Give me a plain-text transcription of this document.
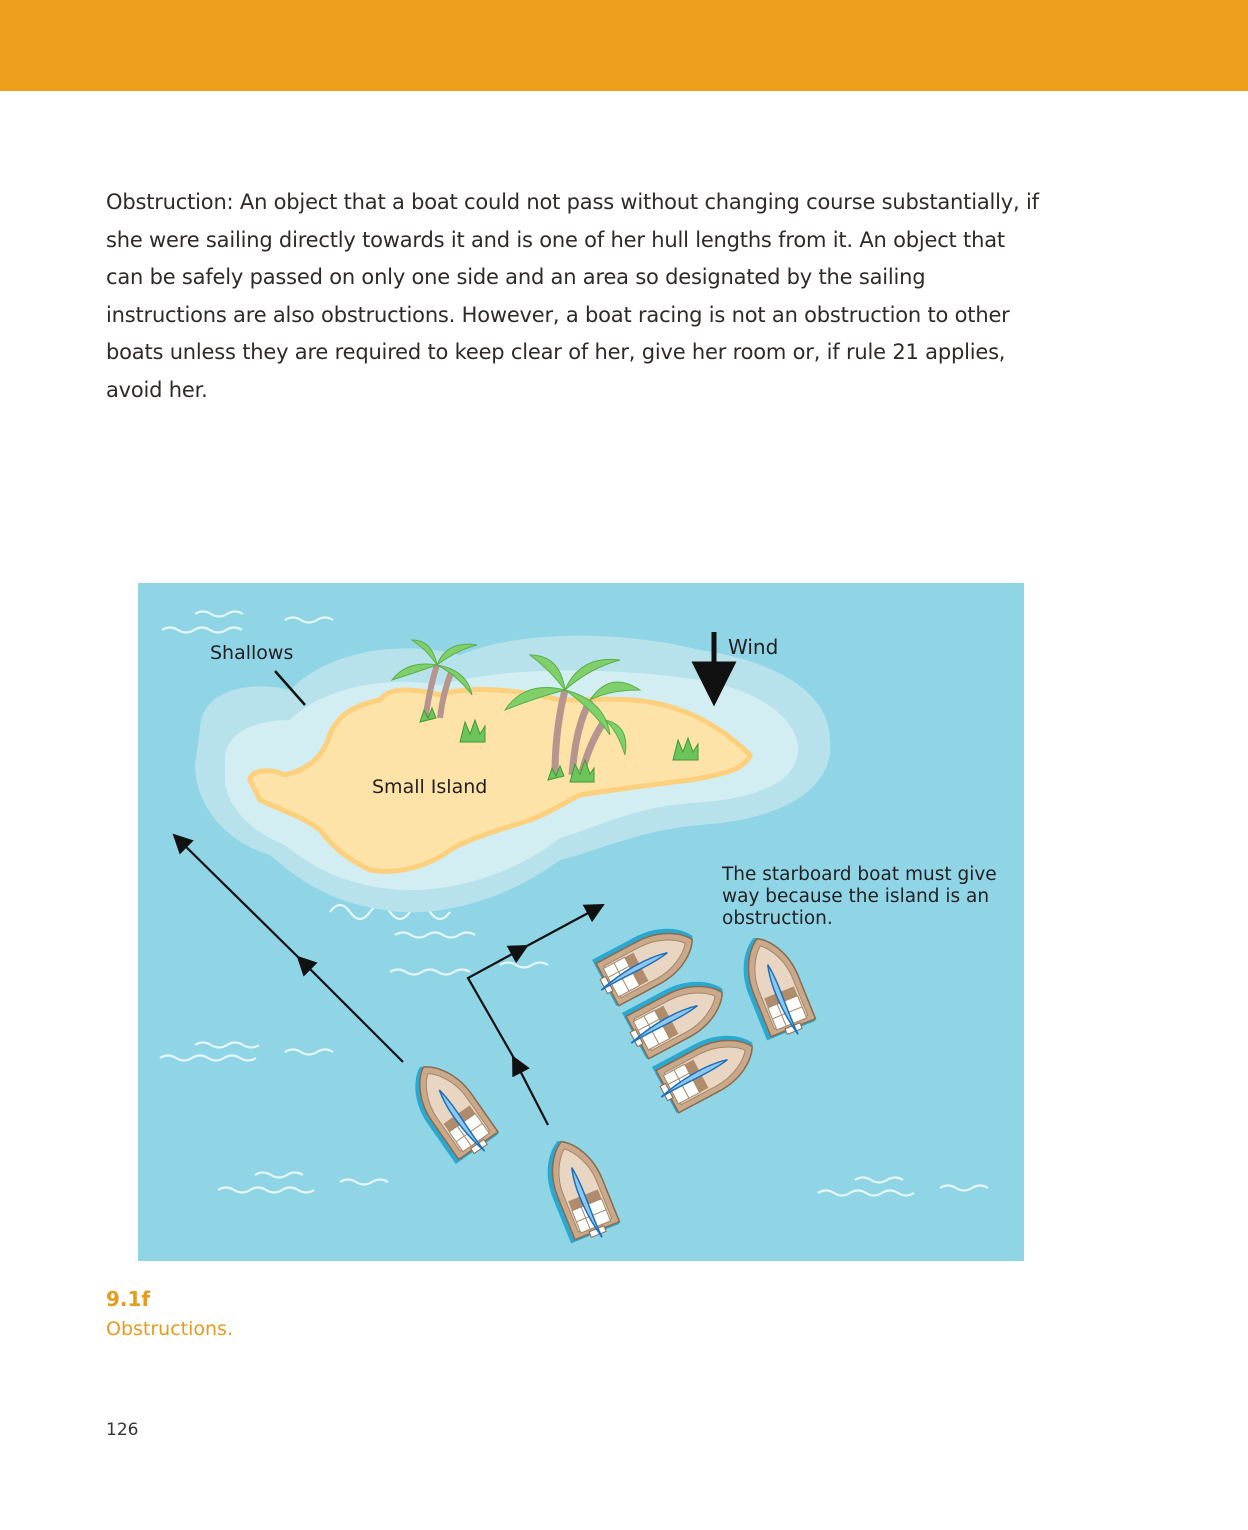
Obstruction: An object that a boat could not pass without changing course substantially, if she were sailing directly towards it and is one of her hull lengths from it. An object that can be safely passed on only one side and an area so designated by the sailing instructions are also obstructions. However, a boat racing is not an obstruction to other boats unless they are required to keep clear of her, give her room or, if rule 21 applies, avoid her.
Shallows
Small Island
Wind
The starboard boat must give way because the island is an obstruction.
9.1f
Obstructions.
126
